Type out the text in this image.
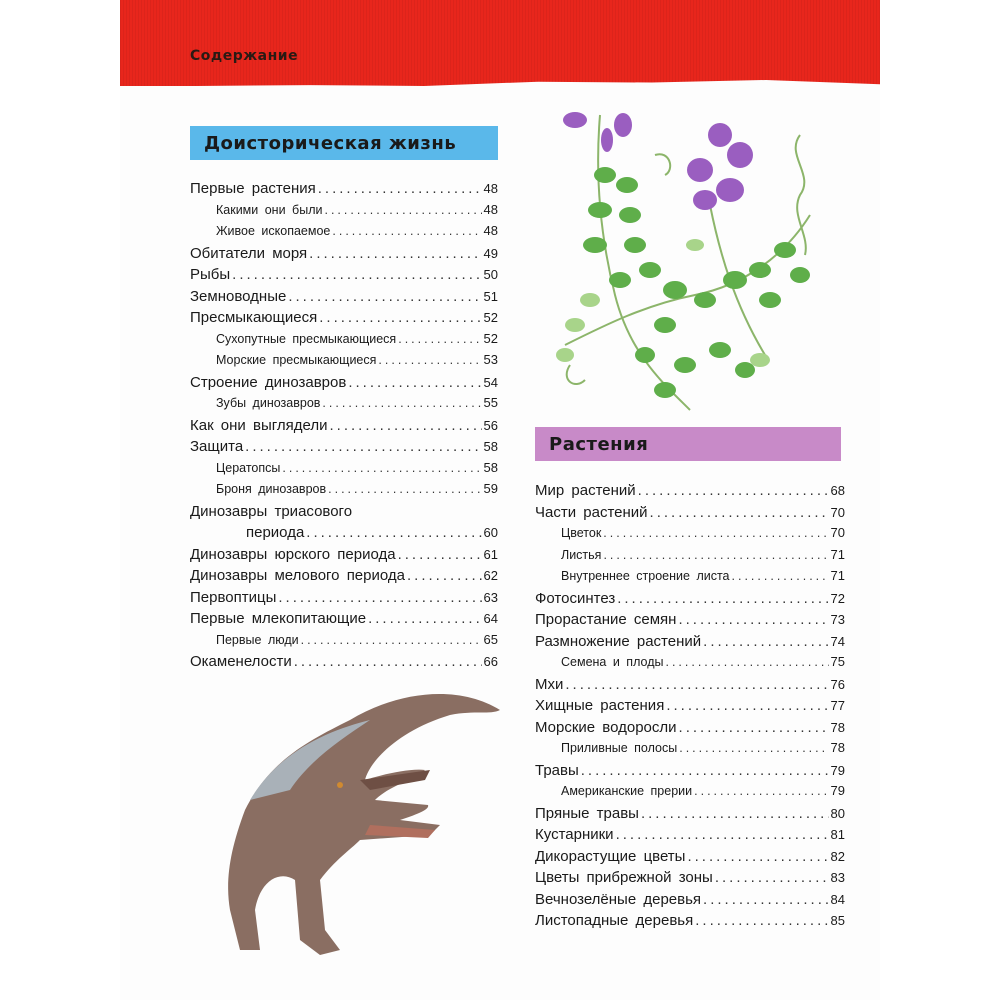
Содержание
Доисторическая жизнь
Первые растения .....	48
Какими они были .....	48
Живое ископаемое .....	48
Обитатели моря .....	49
Рыбы .....	50
Земноводные .....	51
Пресмыкающиеся .....	52
Сухопутные пресмыкающиеся .....	52
Морские пресмыкающиеся .....	53
Строение динозавров .....	54
Зубы динозавров .....	55
Как они выглядели .....	56
Защита .....	58
Цератопсы .....	58
Броня динозавров .....	59
Динозавры триасового
периода .....	60
Динозавры юрского периода .....	61
Динозавры мелового периода .....	62
Первоптицы .....	63
Первые млекопитающие .....	64
Первые люди .....	65
Окаменелости .....	66
Растения
Мир растений .....	68
Части растений .....	70
Цветок .....	70
Листья .....	71
Внутреннее строение листа .....	71
Фотосинтез .....	72
Прорастание семян .....	73
Размножение растений .....	74
Семена и плоды .....	75
Мхи .....	76
Хищные растения .....	77
Морские водоросли .....	78
Приливные полосы .....	78
Травы .....	79
Американские прерии .....	79
Пряные травы .....	80
Кустарники .....	81
Дикорастущие цветы .....	82
Цветы прибрежной зоны .....	83
Вечнозелёные деревья .....	84
Листопадные деревья .....	85
